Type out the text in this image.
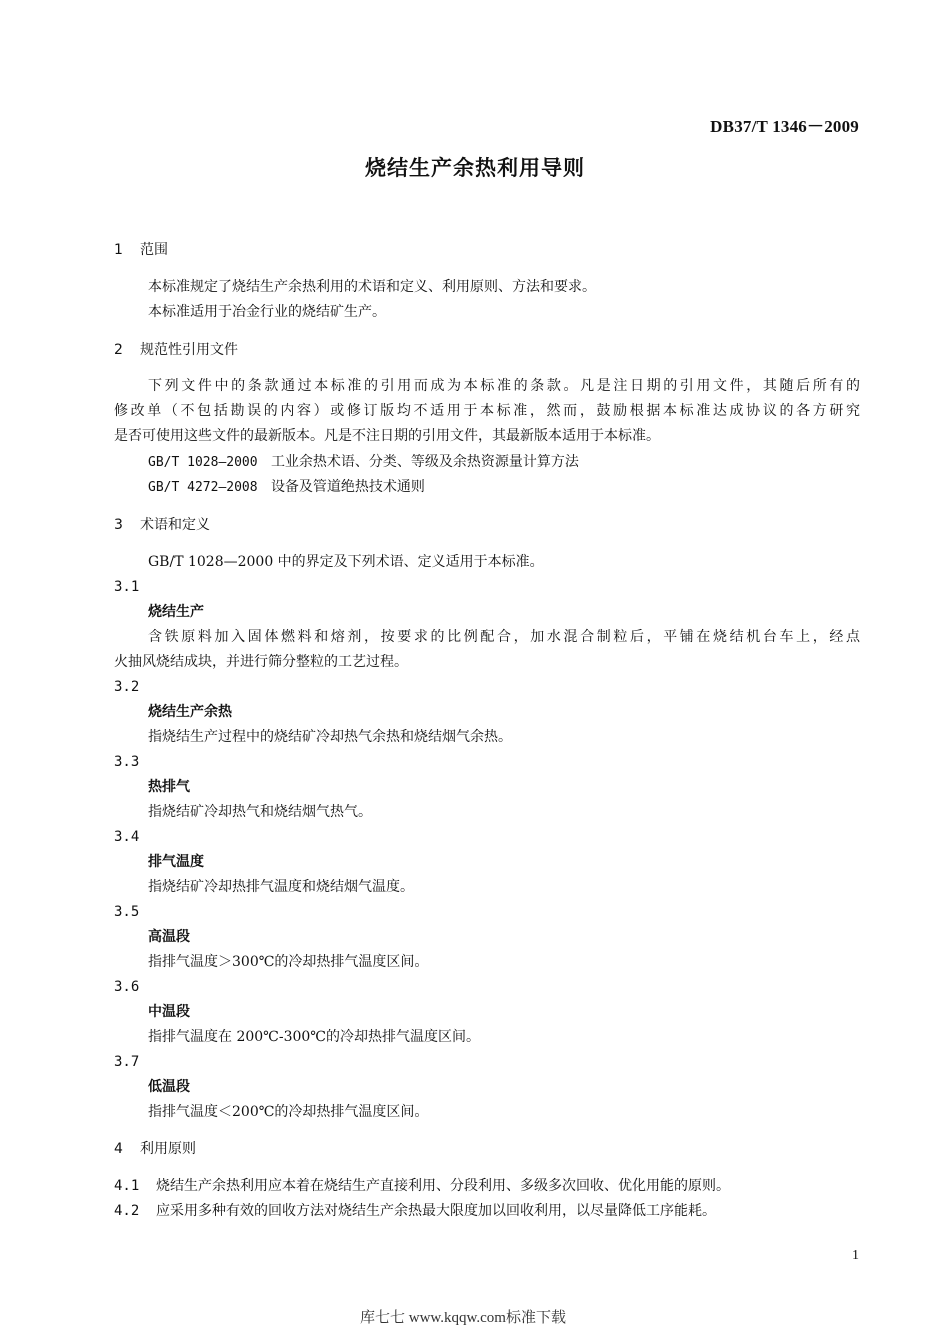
DB37/T 1346－2009
烧结生产余热利用导则
1 范围
本标准规定了烧结生产余热利用的术语和定义、利用原则、方法和要求。
本标准适用于冶金行业的烧结矿生产。
2 规范性引用文件
下列文件中的条款通过本标准的引用而成为本标准的条款。凡是注日期的引用文件，其随后所有的
修改单（不包括勘误的内容）或修订版均不适用于本标准，然而，鼓励根据本标准达成协议的各方研究
是否可使用这些文件的最新版本。凡是不注日期的引用文件，其最新版本适用于本标准。
GB/T 1028—2000 工业余热术语、分类、等级及余热资源量计算方法
GB/T 4272—2008 设备及管道绝热技术通则
3 术语和定义
GB/T 1028—2000 中的界定及下列术语、定义适用于本标准。
3.1
烧结生产
含铁原料加入固体燃料和熔剂，按要求的比例配合，加水混合制粒后，平铺在烧结机台车上，经点
火抽风烧结成块，并进行筛分整粒的工艺过程。
3.2
烧结生产余热
指烧结生产过程中的烧结矿冷却热气余热和烧结烟气余热。
3.3
热排气
指烧结矿冷却热气和烧结烟气热气。
3.4
排气温度
指烧结矿冷却热排气温度和烧结烟气温度。
3.5
高温段
指排气温度＞300℃的冷却热排气温度区间。
3.6
中温段
指排气温度在 200℃-300℃的冷却热排气温度区间。
3.7
低温段
指排气温度＜200℃的冷却热排气温度区间。
4 利用原则
4.1 烧结生产余热利用应本着在烧结生产直接利用、分段利用、多级多次回收、优化用能的原则。
4.2 应采用多种有效的回收方法对烧结生产余热最大限度加以回收利用，以尽量降低工序能耗。
1
库七七 www.kqqw.com标准下载
